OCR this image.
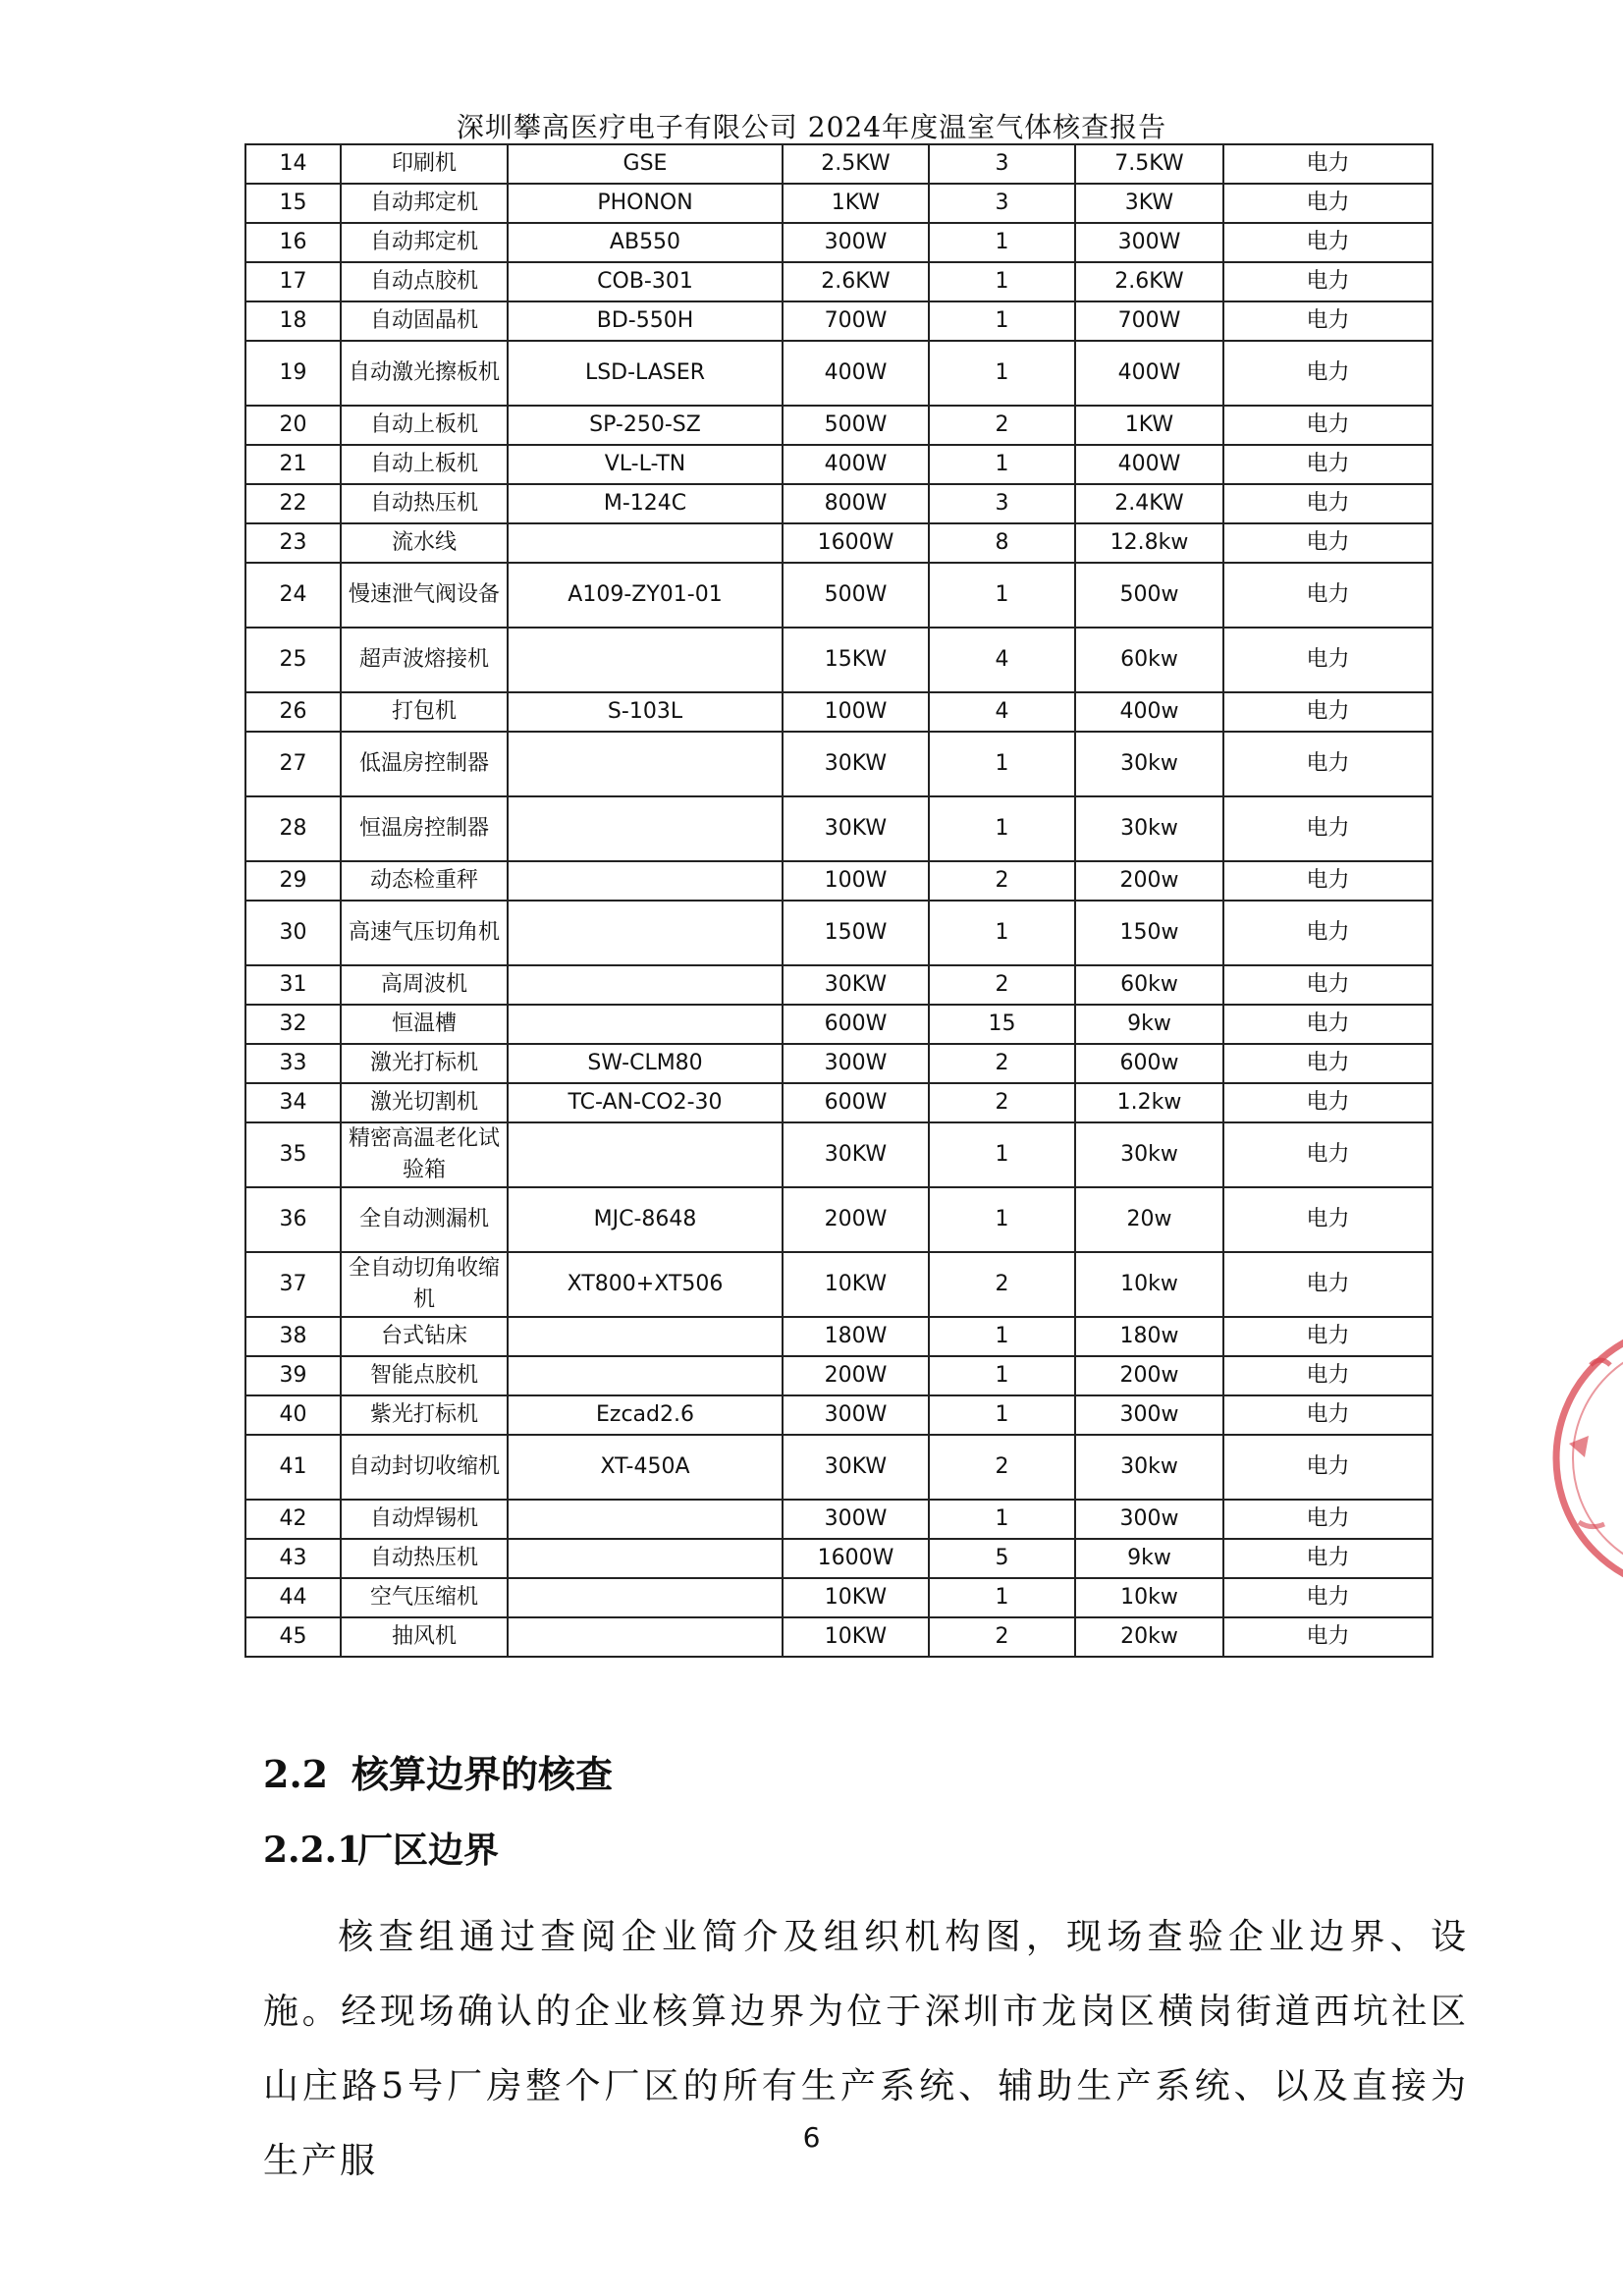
深圳攀高医疗电子有限公司 2024年度温室气体核查报告
14	印刷机	GSE	2.5KW	3	7.5KW	电力
15	自动邦定机	PHONON	1KW	3	3KW	电力
16	自动邦定机	AB550	300W	1	300W	电力
17	自动点胶机	COB-301	2.6KW	1	2.6KW	电力
18	自动固晶机	BD-550H	700W	1	700W	电力
19	自动激光擦板机	LSD-LASER	400W	1	400W	电力
20	自动上板机	SP-250-SZ	500W	2	1KW	电力
21	自动上板机	VL-L-TN	400W	1	400W	电力
22	自动热压机	M-124C	800W	3	2.4KW	电力
23	流水线		1600W	8	12.8kw	电力
24	慢速泄气阀设备	A109-ZY01-01	500W	1	500w	电力
25	超声波熔接机		15KW	4	60kw	电力
26	打包机	S-103L	100W	4	400w	电力
27	低温房控制器		30KW	1	30kw	电力
28	恒温房控制器		30KW	1	30kw	电力
29	动态检重秤		100W	2	200w	电力
30	高速气压切角机		150W	1	150w	电力
31	高周波机		30KW	2	60kw	电力
32	恒温槽		600W	15	9kw	电力
33	激光打标机	SW-CLM80	300W	2	600w	电力
34	激光切割机	TC-AN-CO2-30	600W	2	1.2kw	电力
35	精密高温老化试验箱		30KW	1	30kw	电力
36	全自动测漏机	MJC-8648	200W	1	20w	电力
37	全自动切角收缩机	XT800+XT506	10KW	2	10kw	电力
38	台式钻床		180W	1	180w	电力
39	智能点胶机		200W	1	200w	电力
40	紫光打标机	Ezcad2.6	300W	1	300w	电力
41	自动封切收缩机	XT-450A	30KW	2	30kw	电力
42	自动焊锡机		300W	1	300w	电力
43	自动热压机		1600W	5	9kw	电力
44	空气压缩机		10KW	1	10kw	电力
45	抽风机		10KW	2	20kw	电力
2.2 核算边界的核查
2.2.1厂区边界
核查组通过查阅企业简介及组织机构图，现场查验企业边界、设施。经现场确认的企业核算边界为位于深圳市龙岗区横岗街道西坑社区山庄路5号厂房整个厂区的所有生产系统、辅助生产系统、以及直接为生产服
6
